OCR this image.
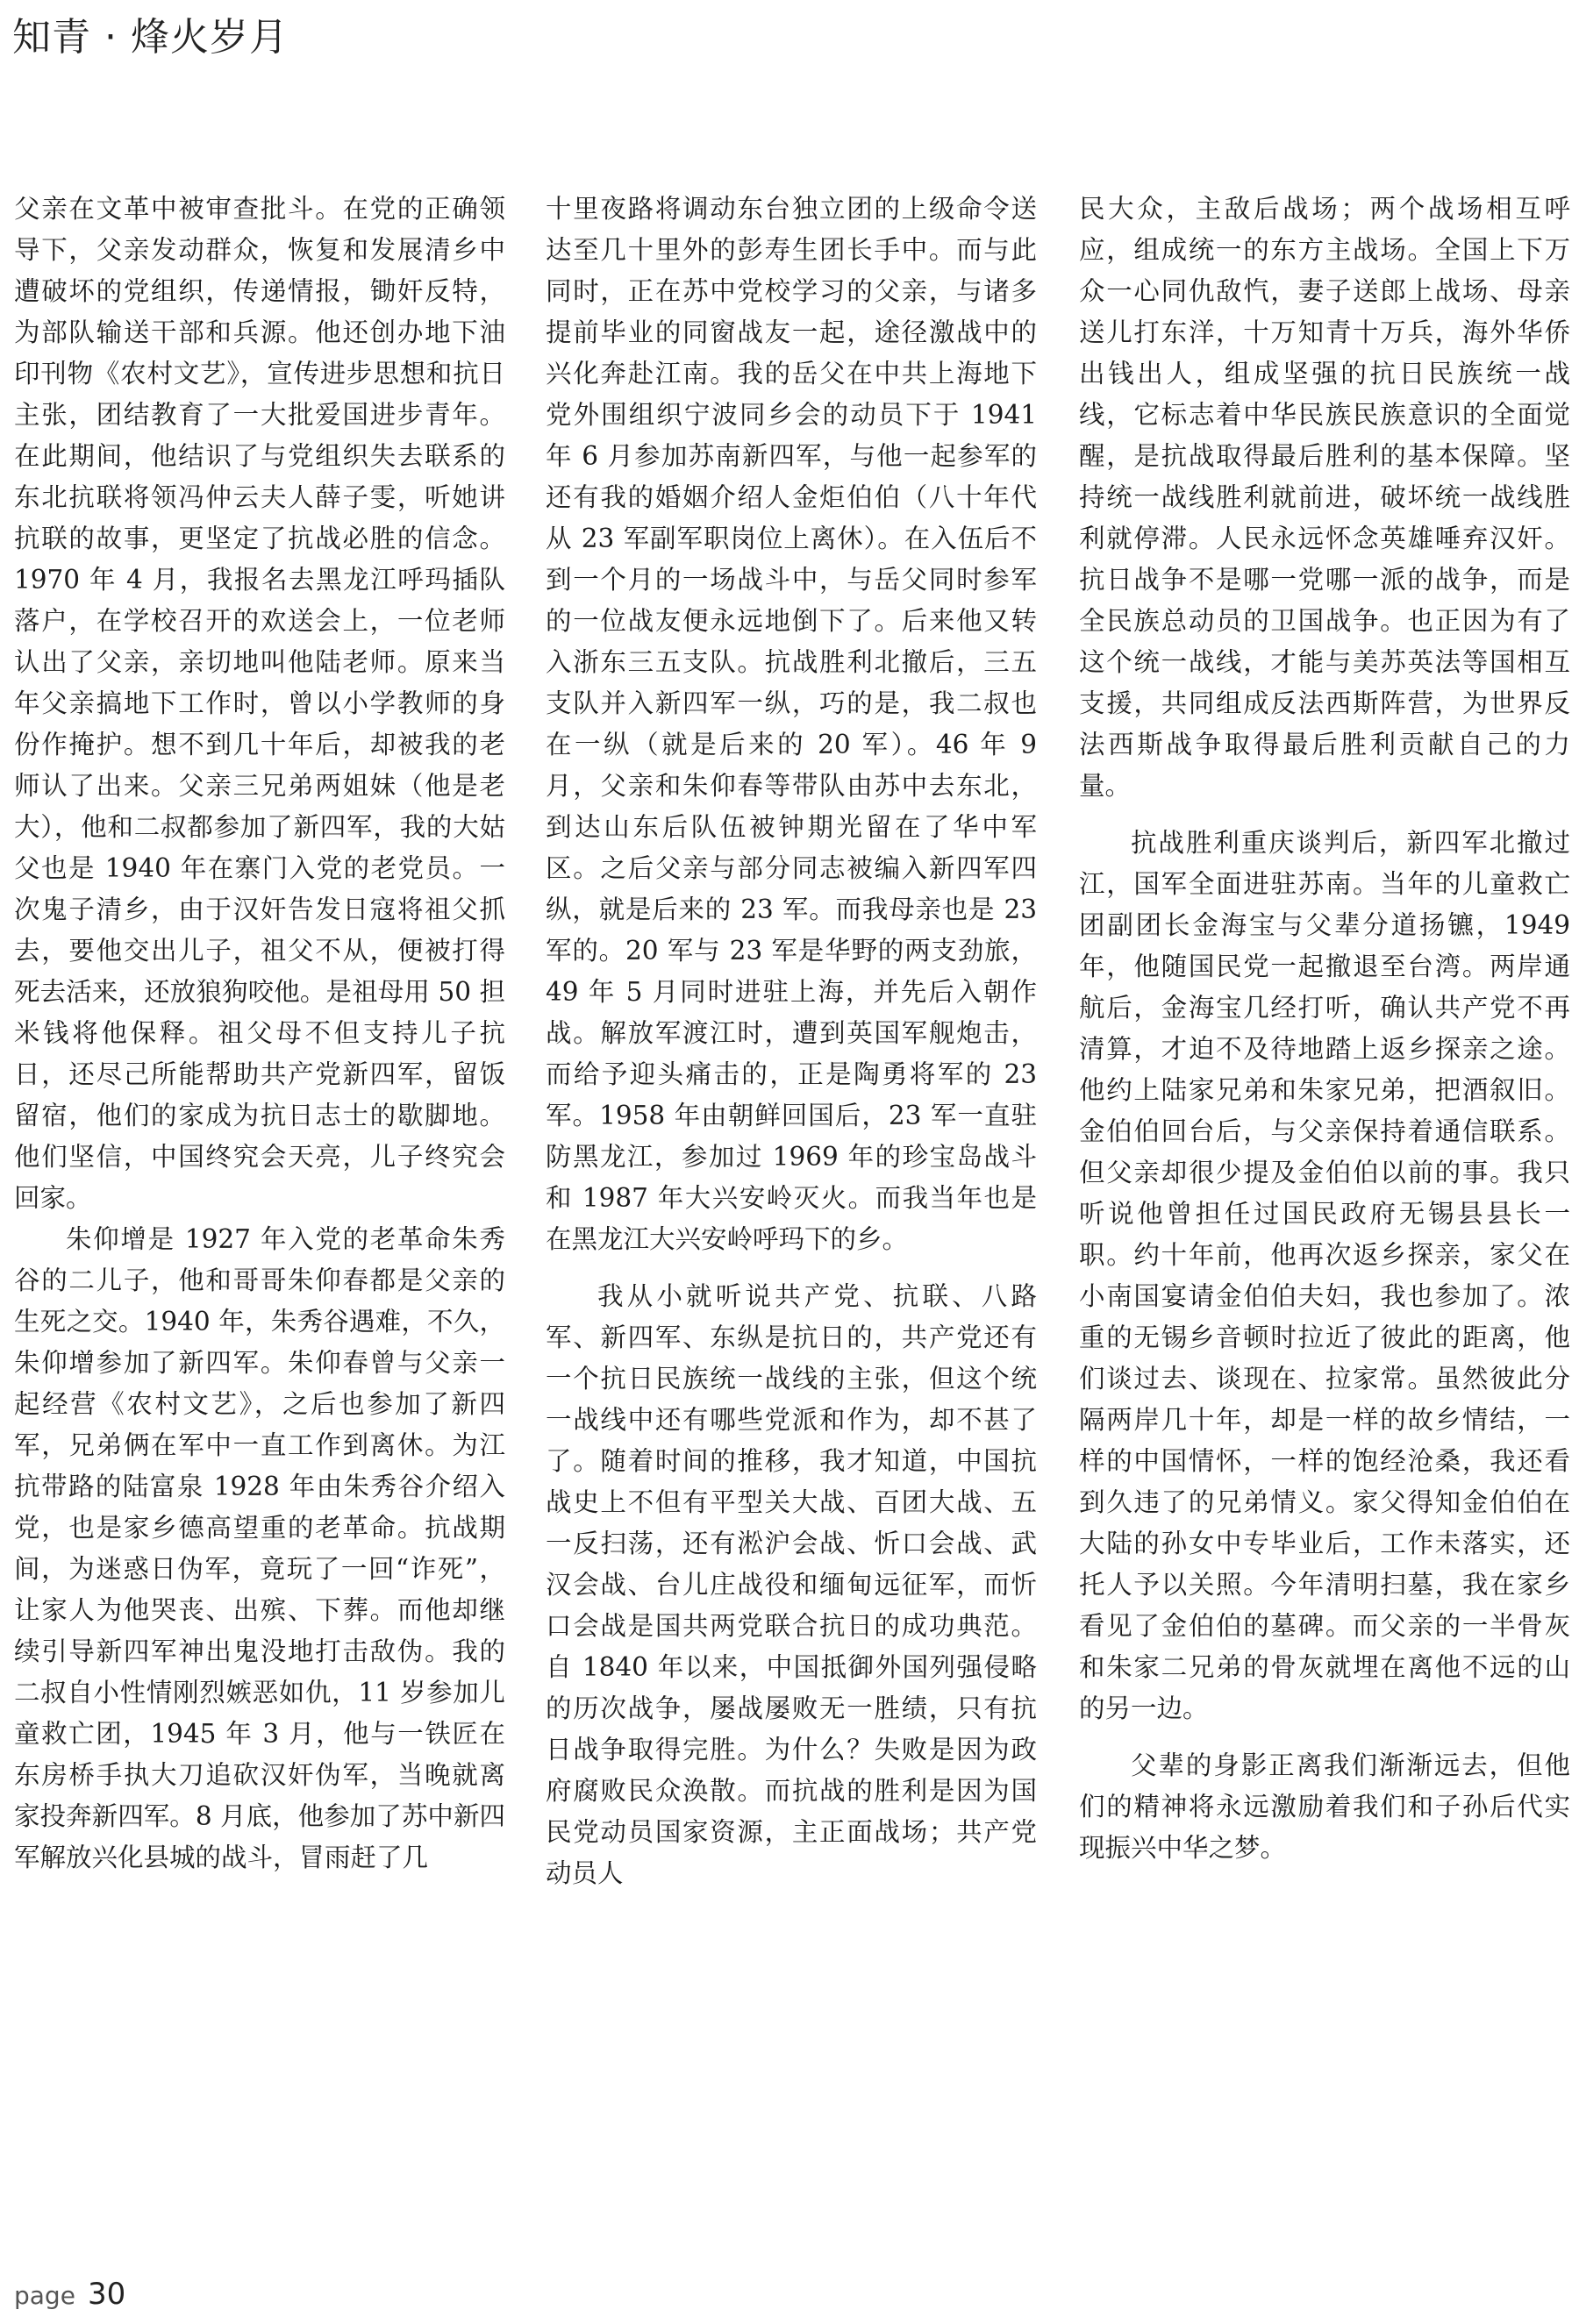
知青 · 烽火岁月

父亲在文革中被审查批斗。在党的正确领导下，父亲发动群众，恢复和发展清乡中遭破坏的党组织，传递情报，锄奸反特，为部队输送干部和兵源。他还创办地下油印刊物《农村文艺》，宣传进步思想和抗日主张，团结教育了一大批爱国进步青年。在此期间，他结识了与党组织失去联系的东北抗联将领冯仲云夫人薛子雯，听她讲抗联的故事，更坚定了抗战必胜的信念。1970 年 4 月，我报名去黑龙江呼玛插队落户，在学校召开的欢送会上，一位老师认出了父亲，亲切地叫他陆老师。原来当年父亲搞地下工作时，曾以小学教师的身份作掩护。想不到几十年后，却被我的老师认了出来。父亲三兄弟两姐妹（他是老大），他和二叔都参加了新四军，我的大姑父也是 1940 年在寨门入党的老党员。一次鬼子清乡，由于汉奸告发日寇将祖父抓去，要他交出儿子，祖父不从，便被打得死去活来，还放狼狗咬他。是祖母用 50 担米钱将他保释。祖父母不但支持儿子抗日，还尽己所能帮助共产党新四军，留饭留宿，他们的家成为抗日志士的歇脚地。他们坚信，中国终究会天亮，儿子终究会回家。

朱仰增是 1927 年入党的老革命朱秀谷的二儿子，他和哥哥朱仰春都是父亲的生死之交。1940 年，朱秀谷遇难，不久，朱仰增参加了新四军。朱仰春曾与父亲一起经营《农村文艺》，之后也参加了新四军，兄弟俩在军中一直工作到离休。为江抗带路的陆富泉 1928 年由朱秀谷介绍入党，也是家乡德高望重的老革命。抗战期间，为迷惑日伪军，竟玩了一回“诈死”，让家人为他哭丧、出殡、下葬。而他却继续引导新四军神出鬼没地打击敌伪。我的二叔自小性情刚烈嫉恶如仇，11 岁参加儿童救亡团，1945 年 3 月，他与一铁匠在东房桥手执大刀追砍汉奸伪军，当晚就离家投奔新四军。8 月底，他参加了苏中新四军解放兴化县城的战斗，冒雨赶了几

十里夜路将调动东台独立团的上级命令送达至几十里外的彭寿生团长手中。而与此同时，正在苏中党校学习的父亲，与诸多提前毕业的同窗战友一起，途径激战中的兴化奔赴江南。我的岳父在中共上海地下党外围组织宁波同乡会的动员下于 1941 年 6 月参加苏南新四军，与他一起参军的还有我的婚姻介绍人金炬伯伯（八十年代从 23 军副军职岗位上离休）。在入伍后不到一个月的一场战斗中，与岳父同时参军的一位战友便永远地倒下了。后来他又转入浙东三五支队。抗战胜利北撤后，三五支队并入新四军一纵，巧的是，我二叔也在一纵（就是后来的 20 军）。46 年 9 月，父亲和朱仰春等带队由苏中去东北，到达山东后队伍被钟期光留在了华中军区。之后父亲与部分同志被编入新四军四纵，就是后来的 23 军。而我母亲也是 23 军的。20 军与 23 军是华野的两支劲旅，49 年 5 月同时进驻上海，并先后入朝作战。解放军渡江时，遭到英国军舰炮击，而给予迎头痛击的，正是陶勇将军的 23 军。1958 年由朝鲜回国后，23 军一直驻防黑龙江，参加过 1969 年的珍宝岛战斗和 1987 年大兴安岭灭火。而我当年也是在黑龙江大兴安岭呼玛下的乡。

我从小就听说共产党、抗联、八路军、新四军、东纵是抗日的，共产党还有一个抗日民族统一战线的主张，但这个统一战线中还有哪些党派和作为，却不甚了了。随着时间的推移，我才知道，中国抗战史上不但有平型关大战、百团大战、五一反扫荡，还有淞沪会战、忻口会战、武汉会战、台儿庄战役和缅甸远征军，而忻口会战是国共两党联合抗日的成功典范。自 1840 年以来，中国抵御外国列强侵略的历次战争，屡战屡败无一胜绩，只有抗日战争取得完胜。为什么？失败是因为政府腐败民众涣散。而抗战的胜利是因为国民党动员国家资源，主正面战场；共产党动员人

民大众，主敌后战场；两个战场相互呼应，组成统一的东方主战场。全国上下万众一心同仇敌忾，妻子送郎上战场、母亲送儿打东洋，十万知青十万兵，海外华侨出钱出人，组成坚强的抗日民族统一战线，它标志着中华民族民族意识的全面觉醒，是抗战取得最后胜利的基本保障。坚持统一战线胜利就前进，破坏统一战线胜利就停滞。人民永远怀念英雄唾弃汉奸。抗日战争不是哪一党哪一派的战争，而是全民族总动员的卫国战争。也正因为有了这个统一战线，才能与美苏英法等国相互支援，共同组成反法西斯阵营，为世界反法西斯战争取得最后胜利贡献自己的力量。

抗战胜利重庆谈判后，新四军北撤过江，国军全面进驻苏南。当年的儿童救亡团副团长金海宝与父辈分道扬镳，1949 年，他随国民党一起撤退至台湾。两岸通航后，金海宝几经打听，确认共产党不再清算，才迫不及待地踏上返乡探亲之途。他约上陆家兄弟和朱家兄弟，把酒叙旧。金伯伯回台后，与父亲保持着通信联系。但父亲却很少提及金伯伯以前的事。我只听说他曾担任过国民政府无锡县县长一职。约十年前，他再次返乡探亲，家父在小南国宴请金伯伯夫妇，我也参加了。浓重的无锡乡音顿时拉近了彼此的距离，他们谈过去、谈现在、拉家常。虽然彼此分隔两岸几十年，却是一样的故乡情结，一样的中国情怀，一样的饱经沧桑，我还看到久违了的兄弟情义。家父得知金伯伯在大陆的孙女中专毕业后，工作未落实，还托人予以关照。今年清明扫墓，我在家乡看见了金伯伯的墓碑。而父亲的一半骨灰和朱家二兄弟的骨灰就埋在离他不远的山的另一边。

父辈的身影正离我们渐渐远去，但他们的精神将永远激励着我们和子孙后代实现振兴中华之梦。

page 30
